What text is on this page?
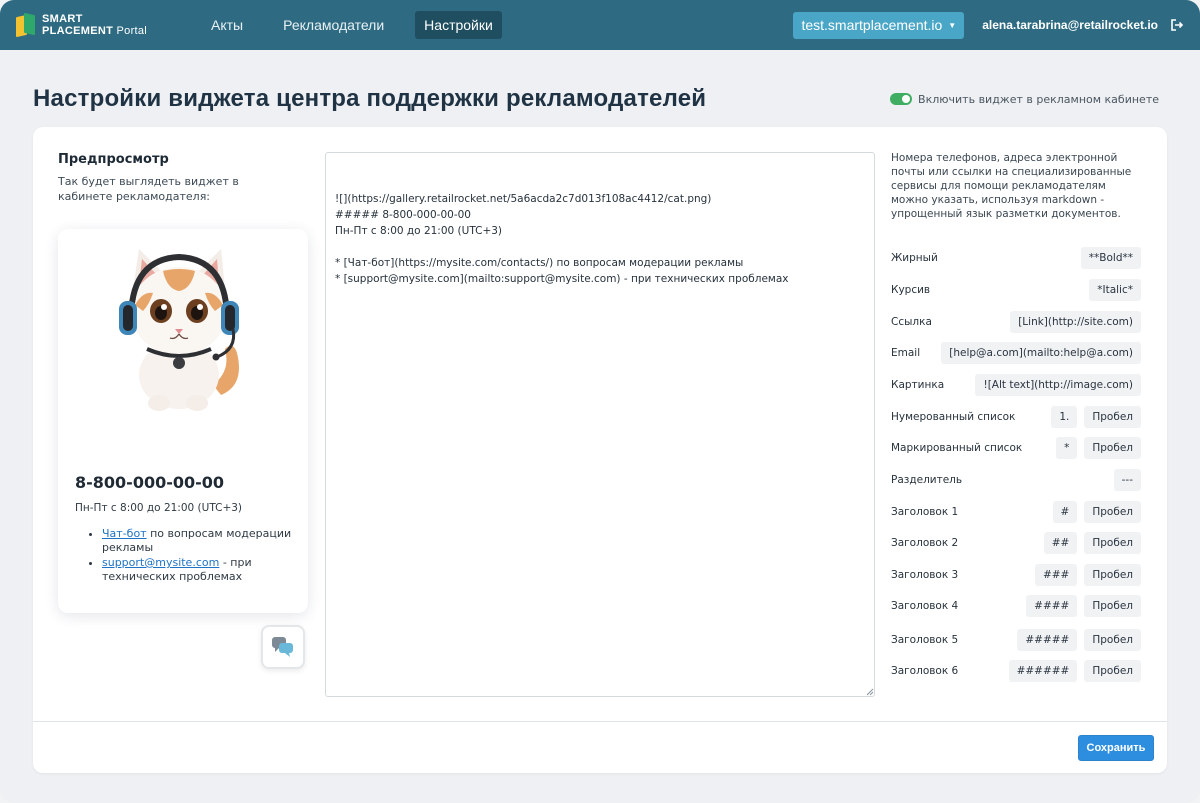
SMART
PLACEMENT Portal	Акты	Рекламодатели	Настройки	test.smartplacement.io ▼ alena.tarabrina@retailrocket.io
Настройки виджета центра поддержки рекламодателей	Включить виджет в рекламном кабинете
Предпросмотр
Так будет выглядеть виджет в кабинете рекламодателя:
8-800-000-00-00
Пн-Пт с 8:00 до 21:00 (UTC+3)
• Чат-бот по вопросам модерации рекламы
• support@mysite.com - при технических проблемах
![](https://gallery.retailrocket.net/5a6acda2c7d013f108ac4412/cat.png)
##### 8-800-000-00-00
Пн-Пт с 8:00 до 21:00 (UTC+3)

* [Чат-бот](https://mysite.com/contacts/) по вопросам модерации рекламы
* [support@mysite.com](mailto:support@mysite.com) - при технических проблемах
Номера телефонов, адреса электронной почты или ссылки на специализированные сервисы для помощи рекламодателям можно указать, используя markdown - упрощенный язык разметки документов.
Жирный	**Bold**
Курсив	*Italic*
Ссылка	[Link](http://site.com)
Email	[help@a.com](mailto:help@a.com)
Картинка	![Alt text](http://image.com)
Нумерованный список	1.	Пробел
Маркированный список	*	Пробел
Разделитель	---
Заголовок 1	#	Пробел
Заголовок 2	##	Пробел
Заголовок 3	###	Пробел
Заголовок 4	####	Пробел
Заголовок 5	#####	Пробел
Заголовок 6	######	Пробел
Сохранить
